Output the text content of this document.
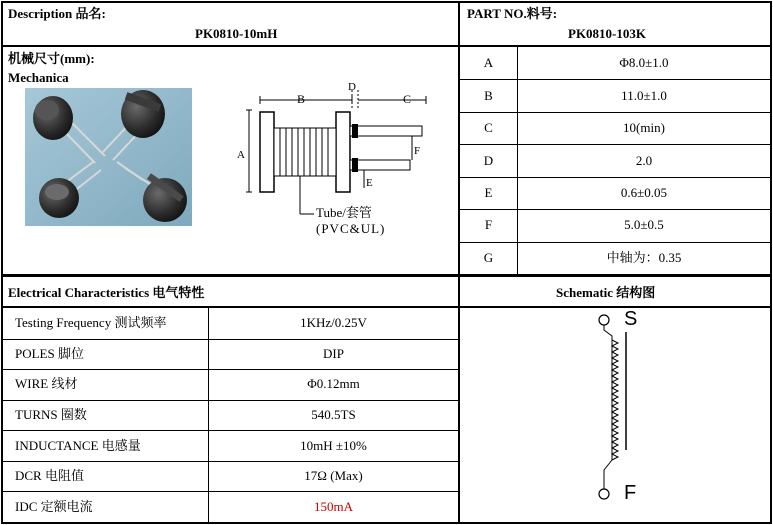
Description 品名:
PK0810-10mH
PART NO.料号:
PK0810-103K
机械尺寸(mm):
Mechanica
A
B
D
C
F
E
Tube/套管
(PVC&UL)
A	Φ8.0±1.0
B	11.0±1.0
C	10(min)
D	2.0
E	0.6±0.05
F	5.0±0.5
G	中轴为：0.35
Electrical Characteristics 电气特性
Testing Frequency 测试频率	1KHz/0.25V
POLES 脚位	DIP
WIRE 线材	Φ0.12mm
TURNS 圈数	540.5TS
INDUCTANCE 电感量	10mH ±10%
DCR 电阻值	17Ω (Max)
IDC 定额电流	150mA
Schematic 结构图
S
F
